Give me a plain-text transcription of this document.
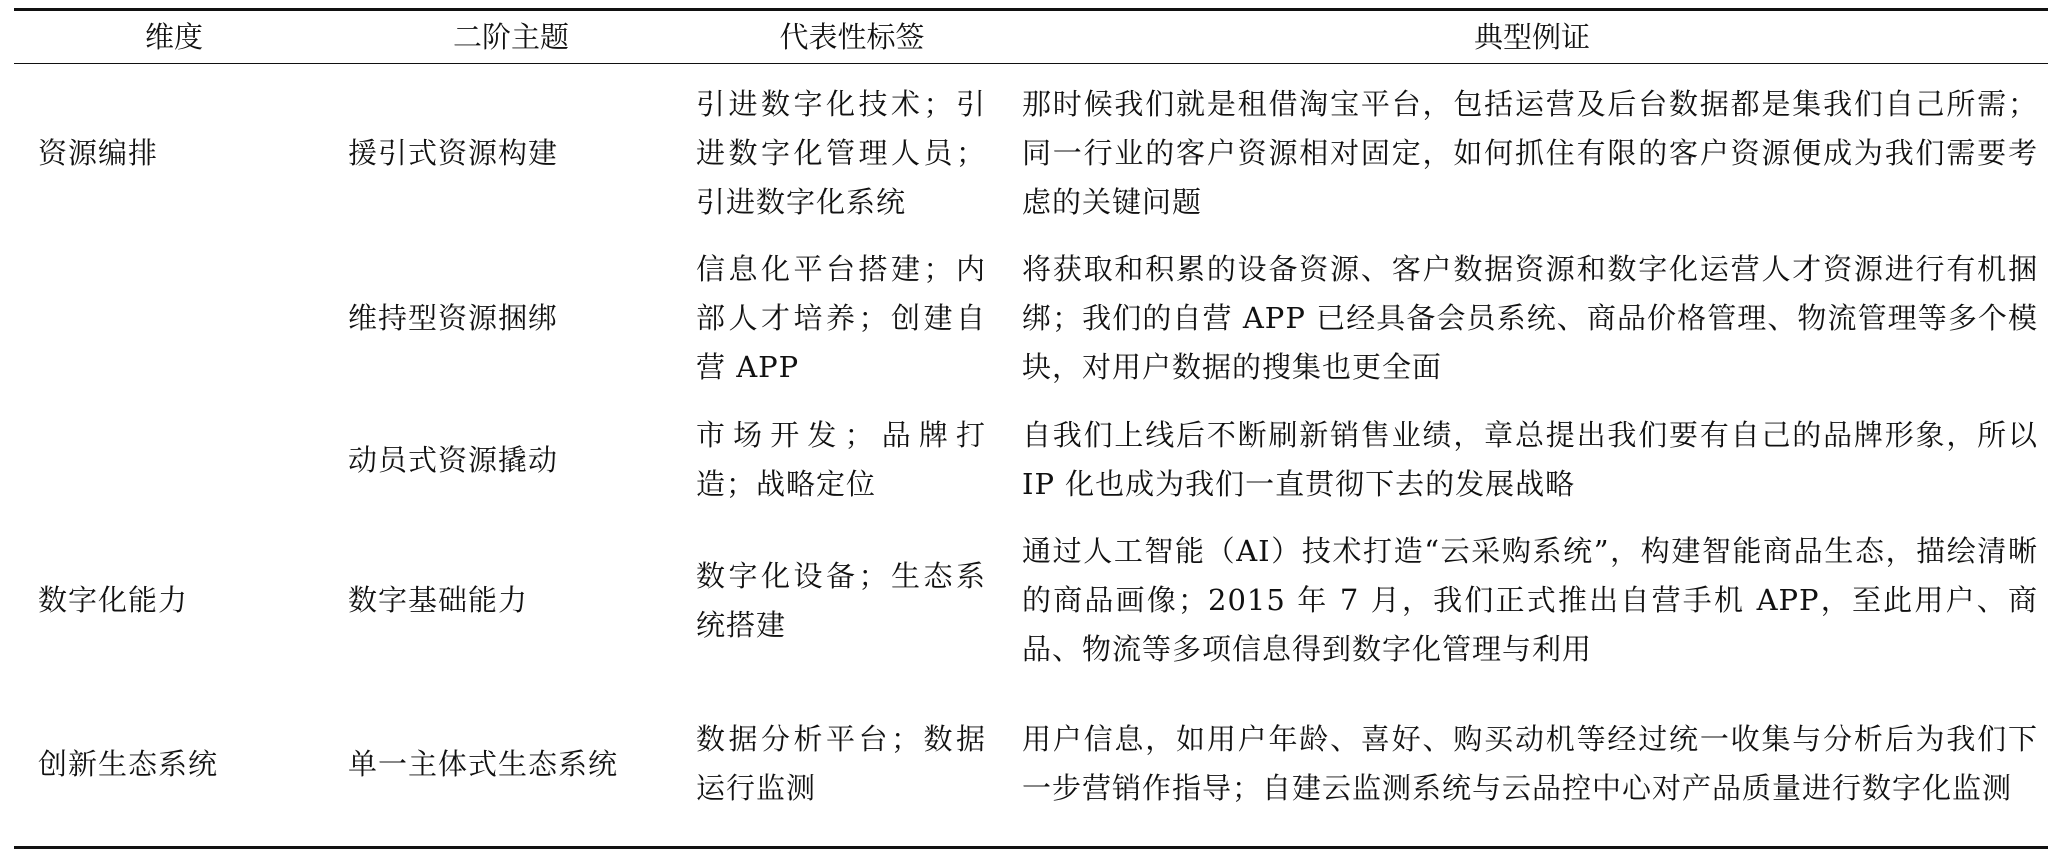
维度	二阶主题	代表性标签	典型例证
资源编排	援引式资源构建	引进数字化技术；引进数字化管理人员；引进数字化系统	那时候我们就是租借淘宝平台，包括运营及后台数据都是集我们自己所需；同一行业的客户资源相对固定，如何抓住有限的客户资源便成为我们需要考虑的关键问题
	维持型资源捆绑	信息化平台搭建；内部人才培养；创建自营 APP	将获取和积累的设备资源、客户数据资源和数字化运营人才资源进行有机捆绑；我们的自营 APP 已经具备会员系统、商品价格管理、物流管理等多个模块，对用户数据的搜集也更全面
	动员式资源撬动	市场开发；品牌打造；战略定位	自我们上线后不断刷新销售业绩，章总提出我们要有自己的品牌形象，所以 IP 化也成为我们一直贯彻下去的发展战略
数字化能力	数字基础能力	数字化设备；生态系统搭建	通过人工智能（AI）技术打造“云采购系统”，构建智能商品生态，描绘清晰的商品画像；2015 年 7 月，我们正式推出自营手机 APP，至此用户、商品、物流等多项信息得到数字化管理与利用
创新生态系统	单一主体式生态系统	数据分析平台；数据运行监测	用户信息，如用户年龄、喜好、购买动机等经过统一收集与分析后为我们下一步营销作指导；自建云监测系统与云品控中心对产品质量进行数字化监测
